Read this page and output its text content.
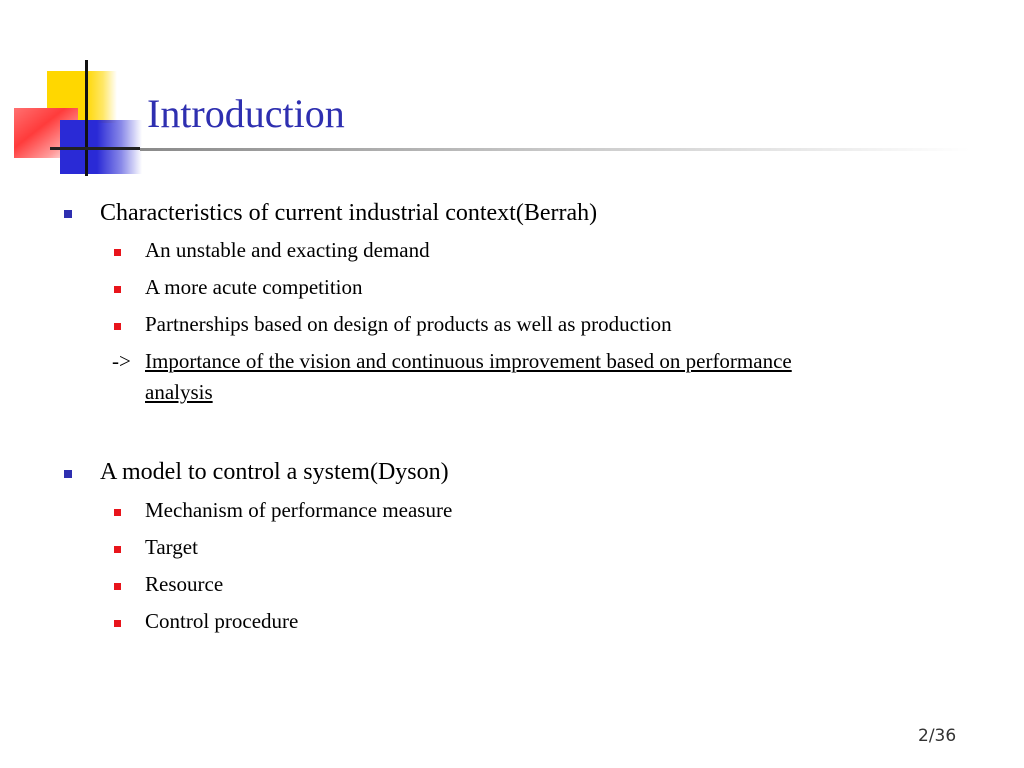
Introduction
Characteristics of current industrial context(Berrah)
An unstable and exacting demand
A more acute competition
Partnerships based on design of products as well as production
-> Importance of the vision and continuous improvement based on performance
analysis
A model to control a system(Dyson)
Mechanism of performance measure
Target
Resource
Control procedure
2/36
